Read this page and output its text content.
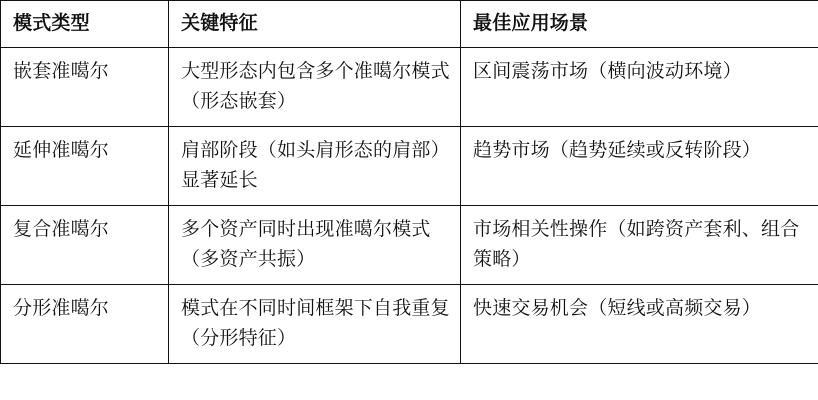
模式类型	关键特征	最佳应用场景
嵌套准噶尔	大型形态内包含多个准噶尔模式（形态嵌套）	区间震荡市场（横向波动环境）
延伸准噶尔	肩部阶段（如头肩形态的肩部）显著延长	趋势市场（趋势延续或反转阶段）
复合准噶尔	多个资产同时出现准噶尔模式（多资产共振）	市场相关性操作（如跨资产套利、组合策略）
分形准噶尔	模式在不同时间框架下自我重复（分形特征）	快速交易机会（短线或高频交易）
